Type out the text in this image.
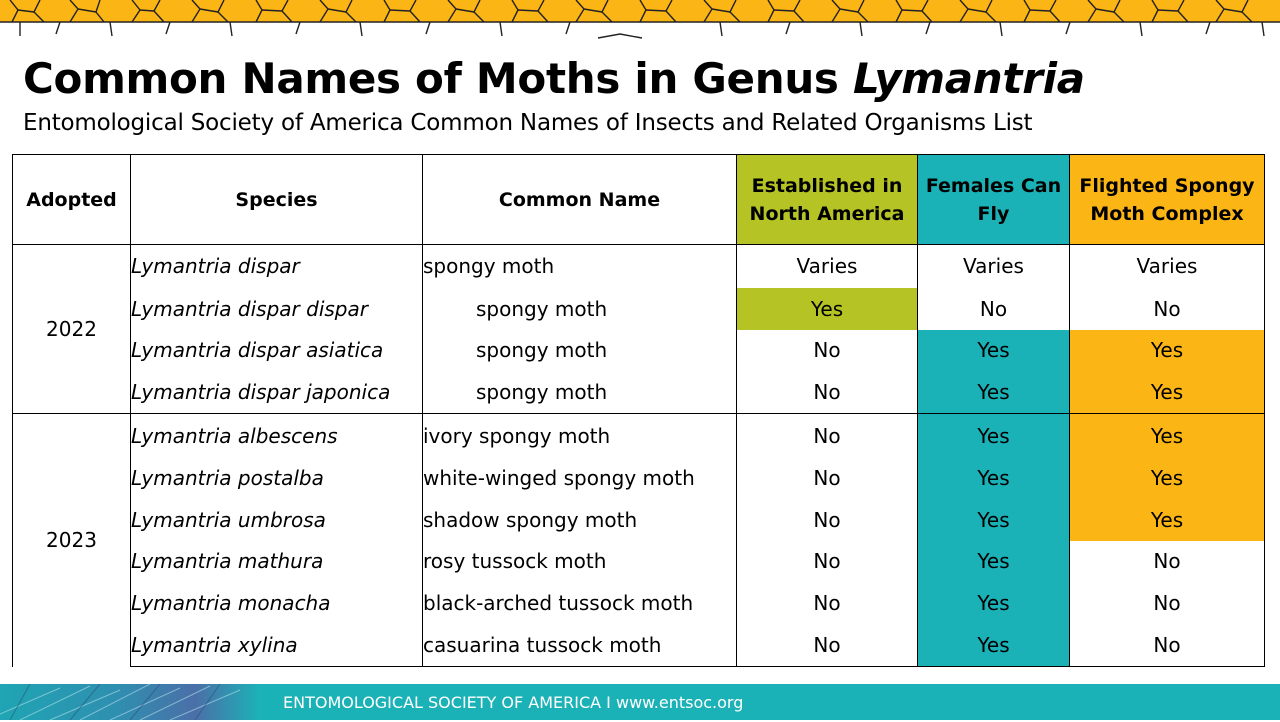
Common Names of Moths in Genus Lymantria

Entomological Society of America Common Names of Insects and Related Organisms List

Adopted	Species	Common Name	Established in North America	Females Can Fly	Flighted Spongy Moth Complex
2022	Lymantria dispar	spongy moth	Varies	Varies	Varies
	Lymantria dispar dispar	spongy moth	Yes	No	No
	Lymantria dispar asiatica	spongy moth	No	Yes	Yes
	Lymantria dispar japonica	spongy moth	No	Yes	Yes
2023	Lymantria albescens	ivory spongy moth	No	Yes	Yes
	Lymantria postalba	white-winged spongy moth	No	Yes	Yes
	Lymantria umbrosa	shadow spongy moth	No	Yes	Yes
	Lymantria mathura	rosy tussock moth	No	Yes	No
	Lymantria monacha	black-arched tussock moth	No	Yes	No
	Lymantria xylina	casuarina tussock moth	No	Yes	No
ENTOMOLOGICAL SOCIETY OF AMERICA I www.entsoc.org
